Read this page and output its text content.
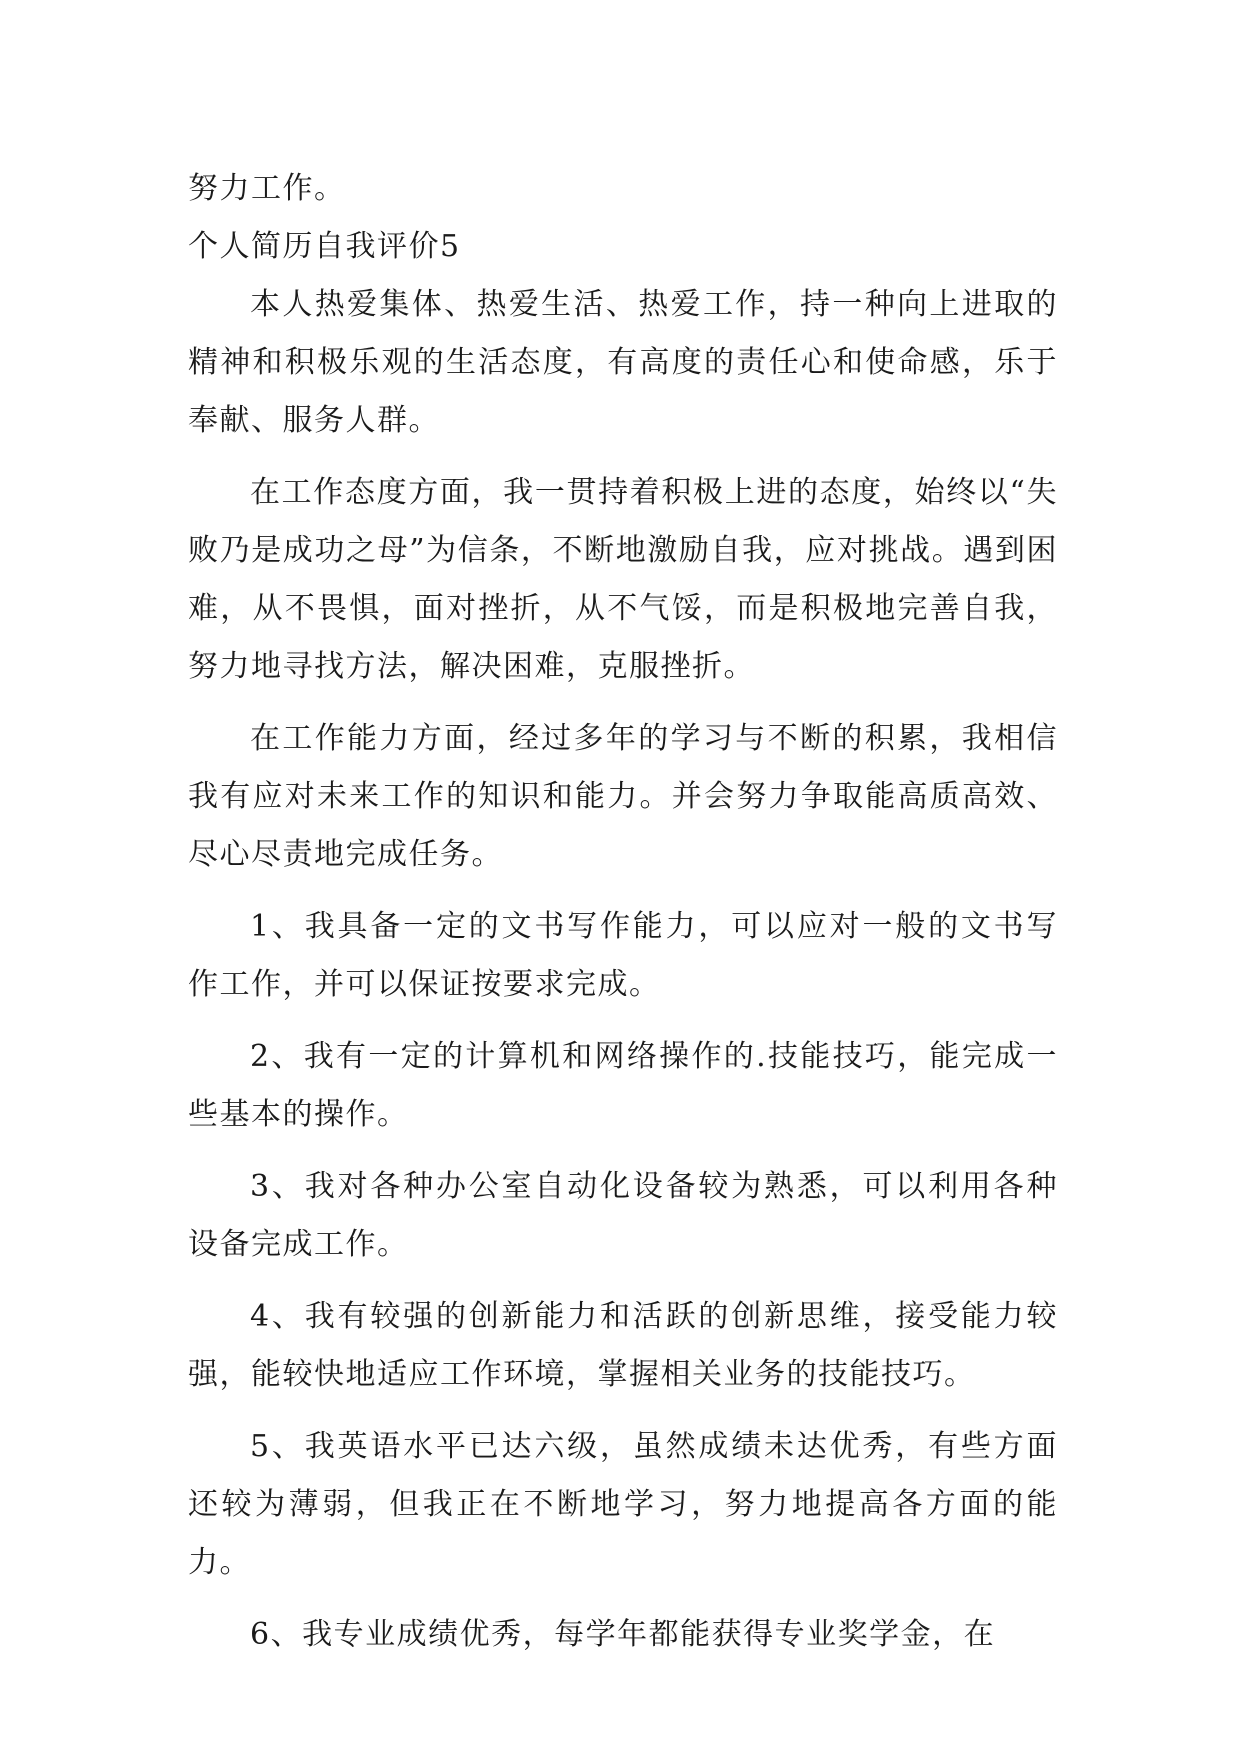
努力工作。

个人简历自我评价5

本人热爱集体、热爱生活、热爱工作，持一种向上进取的精神和积极乐观的生活态度，有高度的责任心和使命感，乐于奉献、服务人群。

在工作态度方面，我一贯持着积极上进的态度，始终以“失败乃是成功之母”为信条，不断地激励自我，应对挑战。遇到困难，从不畏惧，面对挫折，从不气馁，而是积极地完善自我，努力地寻找方法，解决困难，克服挫折。

在工作能力方面，经过多年的学习与不断的积累，我相信我有应对未来工作的知识和能力。并会努力争取能高质高效、尽心尽责地完成任务。

1、我具备一定的文书写作能力，可以应对一般的文书写作工作，并可以保证按要求完成。

2、我有一定的计算机和网络操作的.技能技巧，能完成一些基本的操作。

3、我对各种办公室自动化设备较为熟悉，可以利用各种设备完成工作。

4、我有较强的创新能力和活跃的创新思维，接受能力较强，能较快地适应工作环境，掌握相关业务的技能技巧。

5、我英语水平已达六级，虽然成绩未达优秀，有些方面还较为薄弱，但我正在不断地学习，努力地提高各方面的能力。

6、我专业成绩优秀，每学年都能获得专业奖学金，在
